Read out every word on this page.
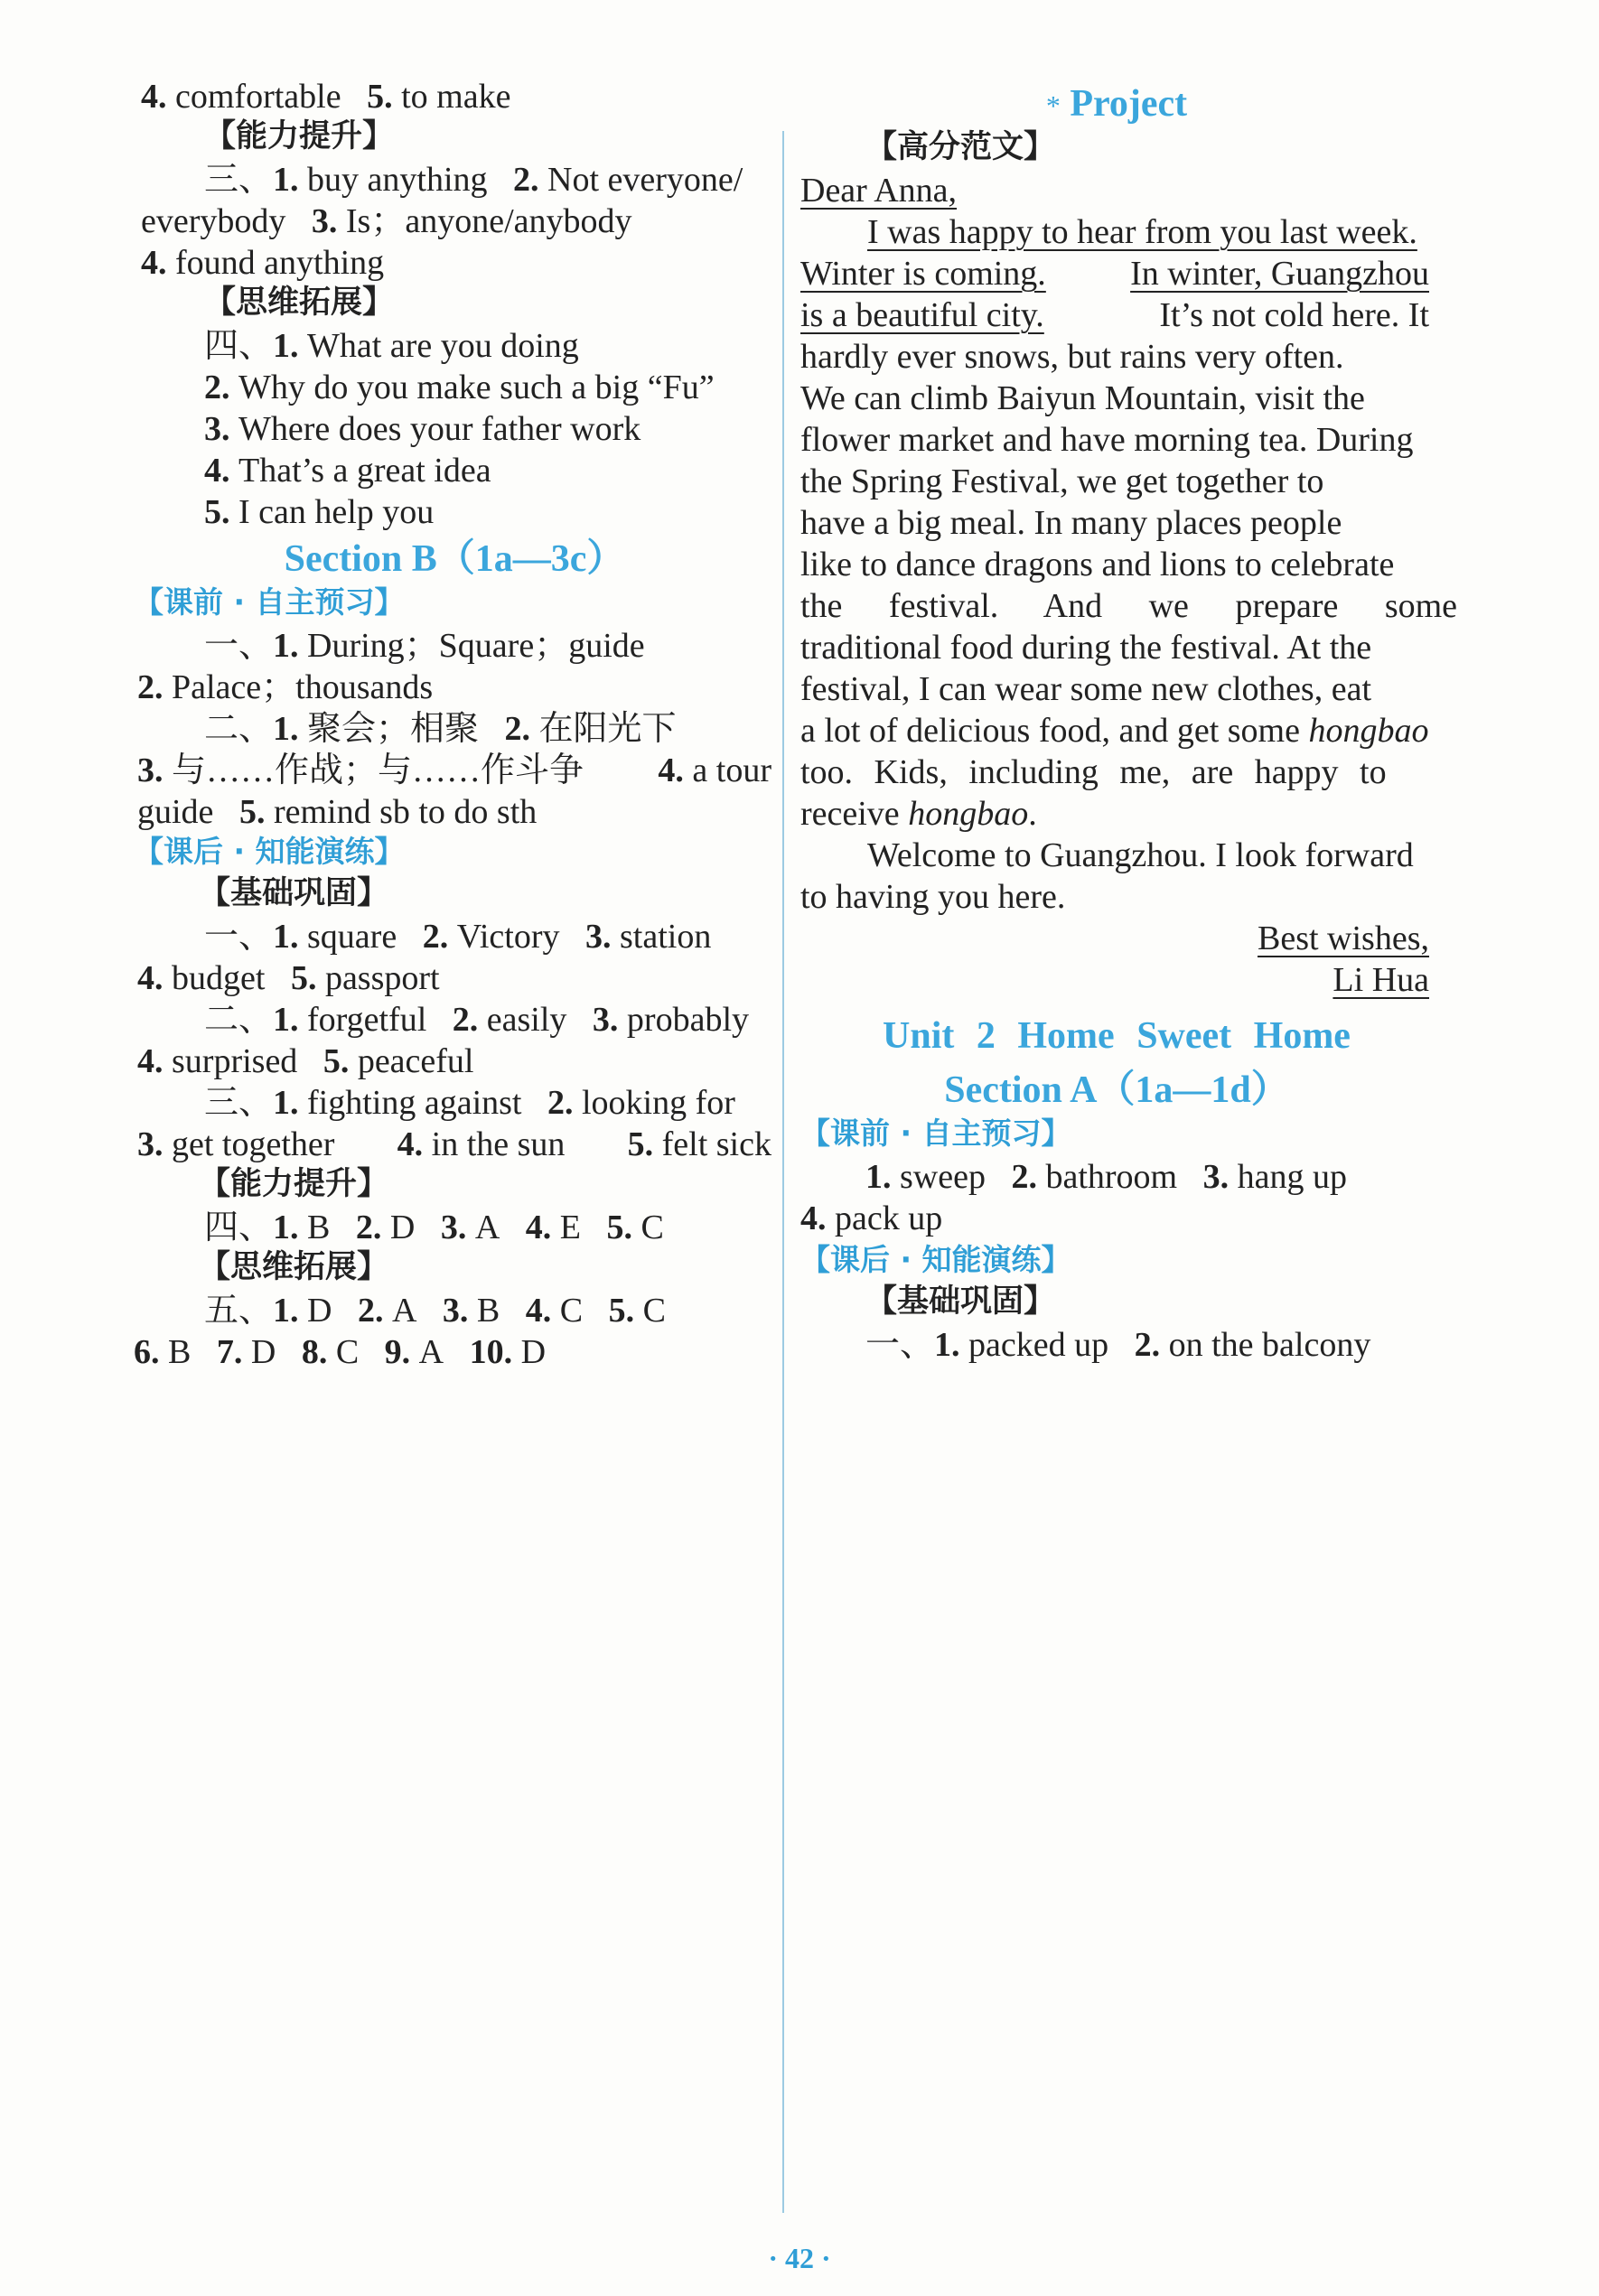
4. comfortable 5. to make
【能力提升】
三、1. buy anything 2. Not everyone/
everybody 3. Is；anyone/anybody
4. found anything
【思维拓展】
四、1. What are you doing
2. Why do you make such a big “Fu”
3. Where does your father work
4. That’s a great idea
5. I can help you
Section B（1a—3c）
【课前 · 自主预习】
一、1. During；Square；guide
2. Palace；thousands
二、1. 聚会；相聚 2. 在阳光下
3. 与……作战；与……作斗争 4. a tour
guide 5. remind sb to do sth
【课后 · 知能演练】
【基础巩固】
一、1. square 2. Victory 3. station
4. budget 5. passport
二、1. forgetful 2. easily 3. probably
4. surprised 5. peaceful
三、1. fighting against 2. looking for
3. get together 4. in the sun 5. felt sick
【能力提升】
四、1. B 2. D 3. A 4. E 5. C
【思维拓展】
五、1. D 2. A 3. B 4. C 5. C
6. B 7. D 8. C 9. A 10. D
* Project
【高分范文】
Dear Anna,
I was happy to hear from you last week.
Winter is coming. In winter, Guangzhou
is a beautiful city.	It’s not cold here. It
hardly ever snows, but rains very often.
We can climb Baiyun Mountain, visit the
flower market and have morning tea. During
the Spring Festival, we get together to
have a big meal. In many places people
like to dance dragons and lions to celebrate
the festival. And we prepare some
traditional food during the festival. At the
festival, I can wear some new clothes, eat
a lot of delicious food, and get some hongbao
too. Kids, including me, are happy to
receive hongbao.
Welcome to Guangzhou. I look forward
to having you here.
Best wishes,
Li Hua
Unit 2 Home Sweet Home
Section A（1a—1d）
【课前 · 自主预习】
1. sweep 2. bathroom 3. hang up
4. pack up
【课后 · 知能演练】
【基础巩固】
一、1. packed up 2. on the balcony
· 42 ·
